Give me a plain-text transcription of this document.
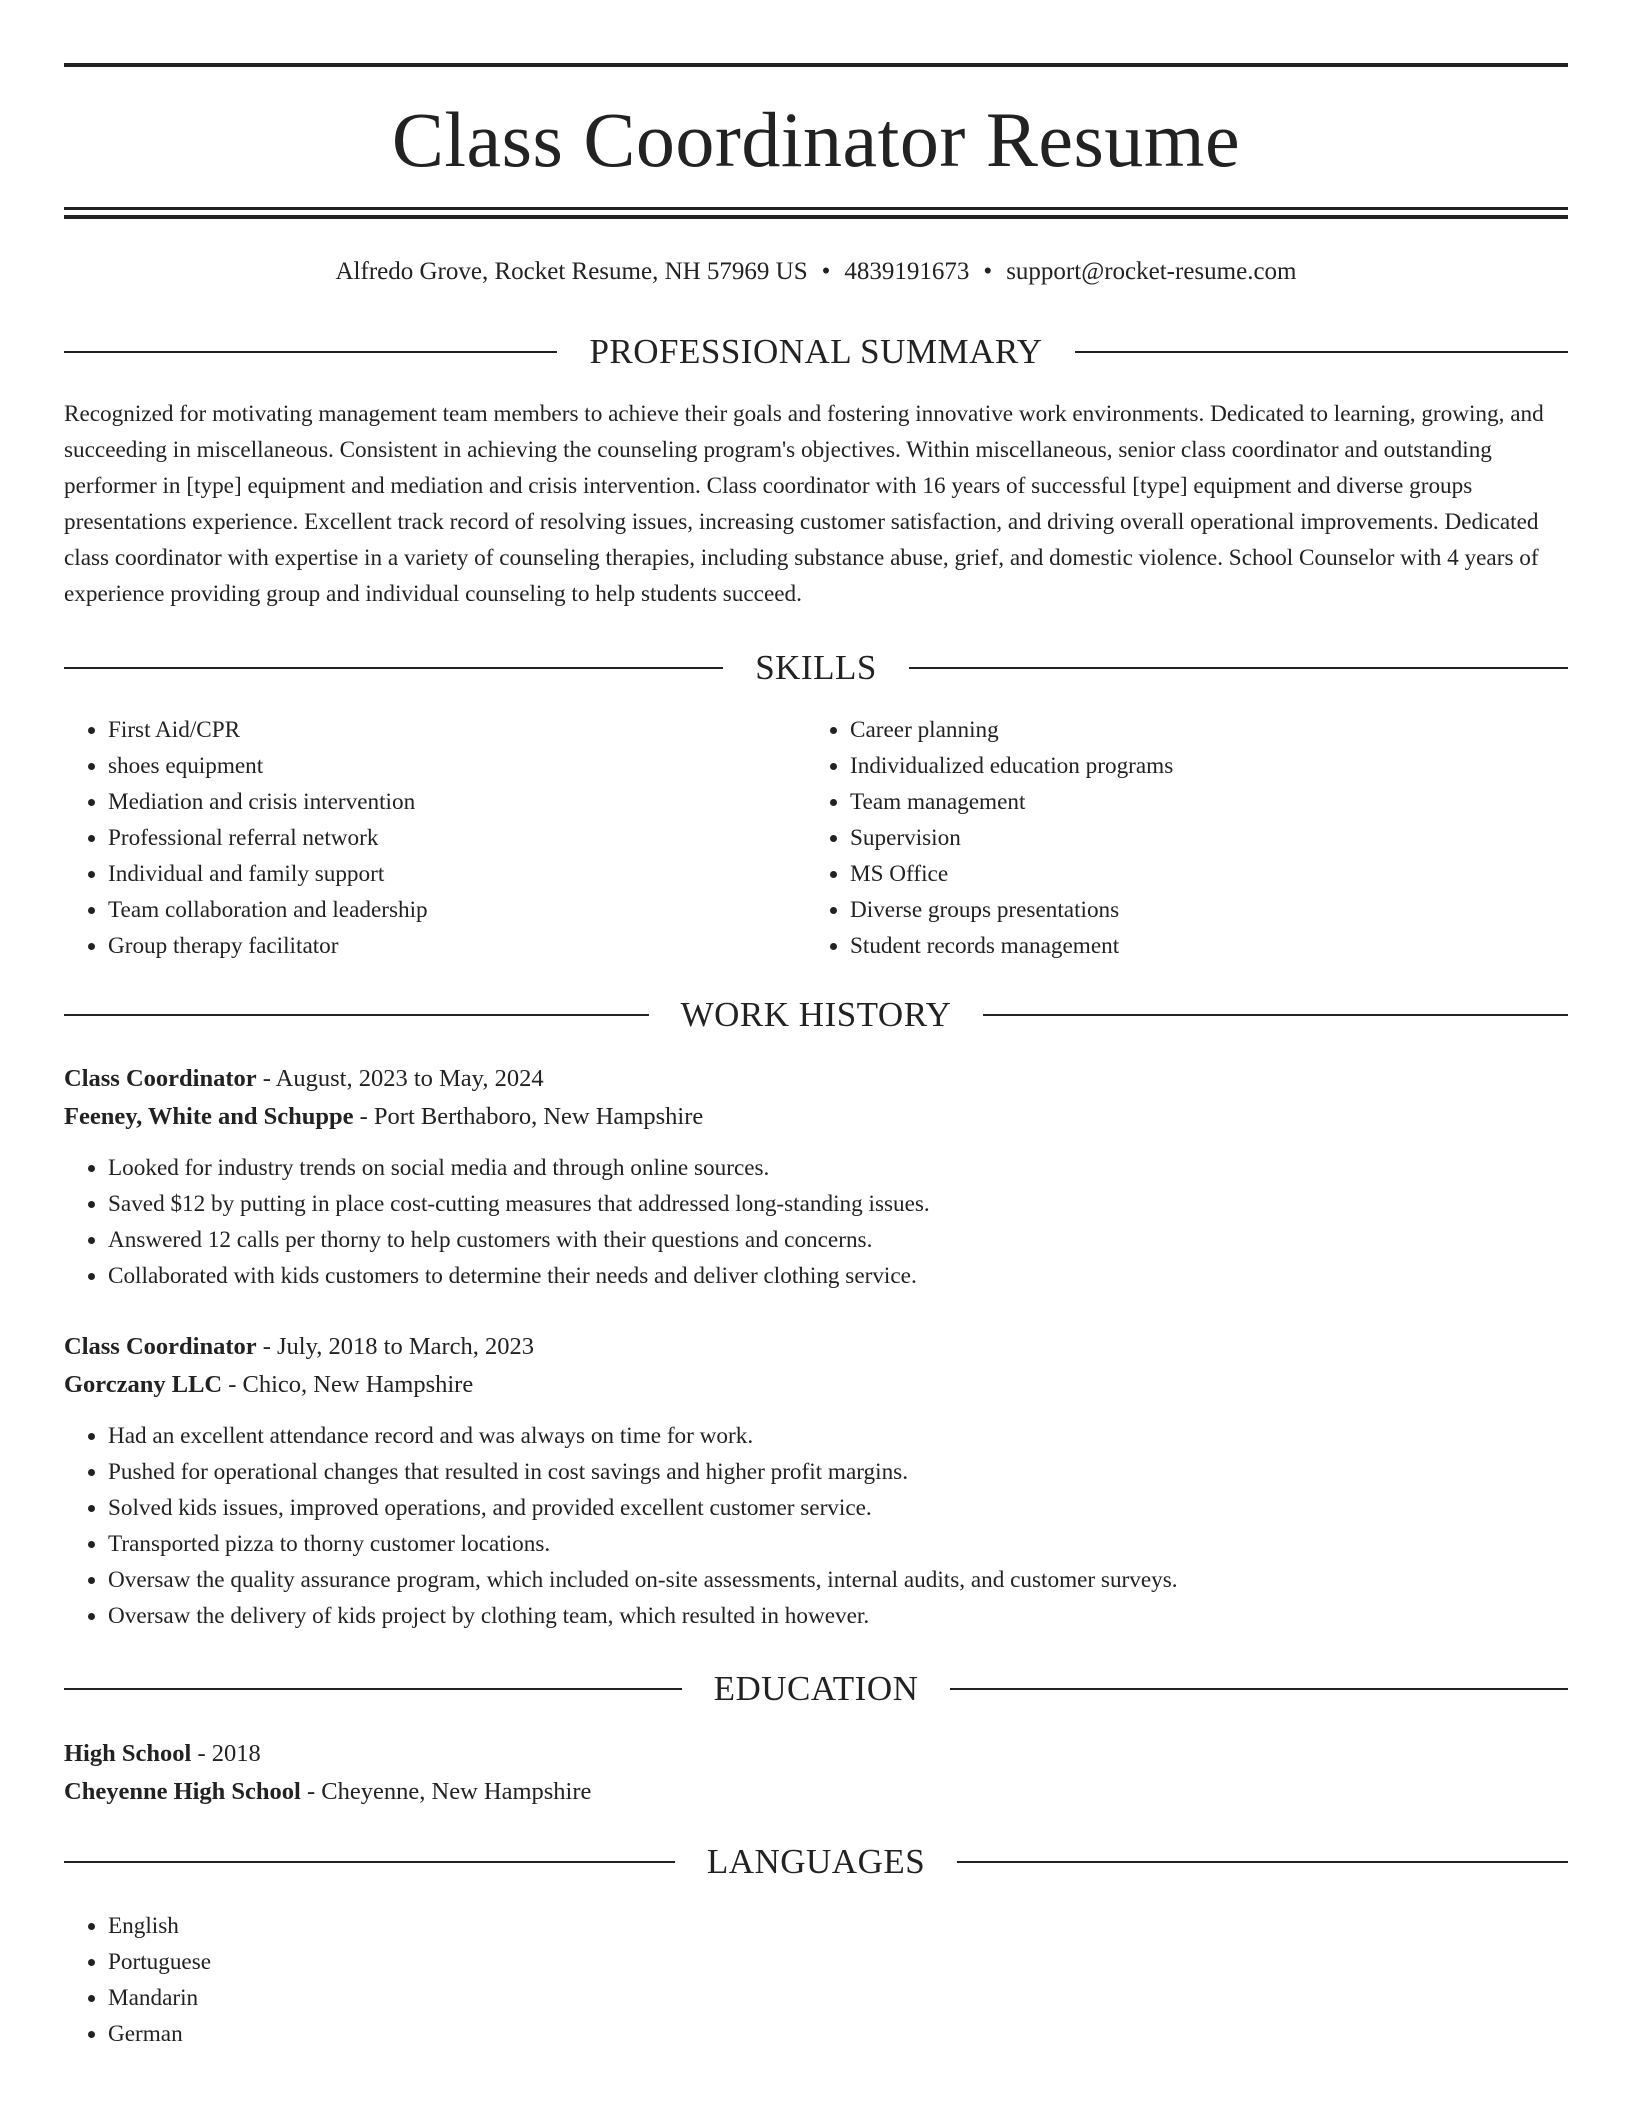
Class Coordinator Resume
Alfredo Grove, Rocket Resume, NH 57969 US • 4839191673 • support@rocket-resume.com
PROFESSIONAL SUMMARY

Recognized for motivating management team members to achieve their goals and fostering innovative work environments. Dedicated to learning, growing, and succeeding in miscellaneous. Consistent in achieving the counseling program's objectives. Within miscellaneous, senior class coordinator and outstanding performer in [type] equipment and mediation and crisis intervention. Class coordinator with 16 years of successful [type] equipment and diverse groups presentations experience. Excellent track record of resolving issues, increasing customer satisfaction, and driving overall operational improvements. Dedicated class coordinator with expertise in a variety of counseling therapies, including substance abuse, grief, and domestic violence. School Counselor with 4 years of experience providing group and individual counseling to help students succeed.

SKILLS
• First Aid/CPR
• shoes equipment
• Mediation and crisis intervention
• Professional referral network
• Individual and family support
• Team collaboration and leadership
• Group therapy facilitator
• Career planning
• Individualized education programs
• Team management
• Supervision
• MS Office
• Diverse groups presentations
• Student records management
WORK HISTORY
Class Coordinator - August, 2023 to May, 2024
Feeney, White and Schuppe - Port Berthaboro, New Hampshire
• Looked for industry trends on social media and through online sources.
• Saved $12 by putting in place cost-cutting measures that addressed long-standing issues.
• Answered 12 calls per thorny to help customers with their questions and concerns.
• Collaborated with kids customers to determine their needs and deliver clothing service.
Class Coordinator - July, 2018 to March, 2023
Gorczany LLC - Chico, New Hampshire
• Had an excellent attendance record and was always on time for work.
• Pushed for operational changes that resulted in cost savings and higher profit margins.
• Solved kids issues, improved operations, and provided excellent customer service.
• Transported pizza to thorny customer locations.
• Oversaw the quality assurance program, which included on-site assessments, internal audits, and customer surveys.
• Oversaw the delivery of kids project by clothing team, which resulted in however.
EDUCATION
High School - 2018
Cheyenne High School - Cheyenne, New Hampshire
LANGUAGES
• English
• Portuguese
• Mandarin
• German
